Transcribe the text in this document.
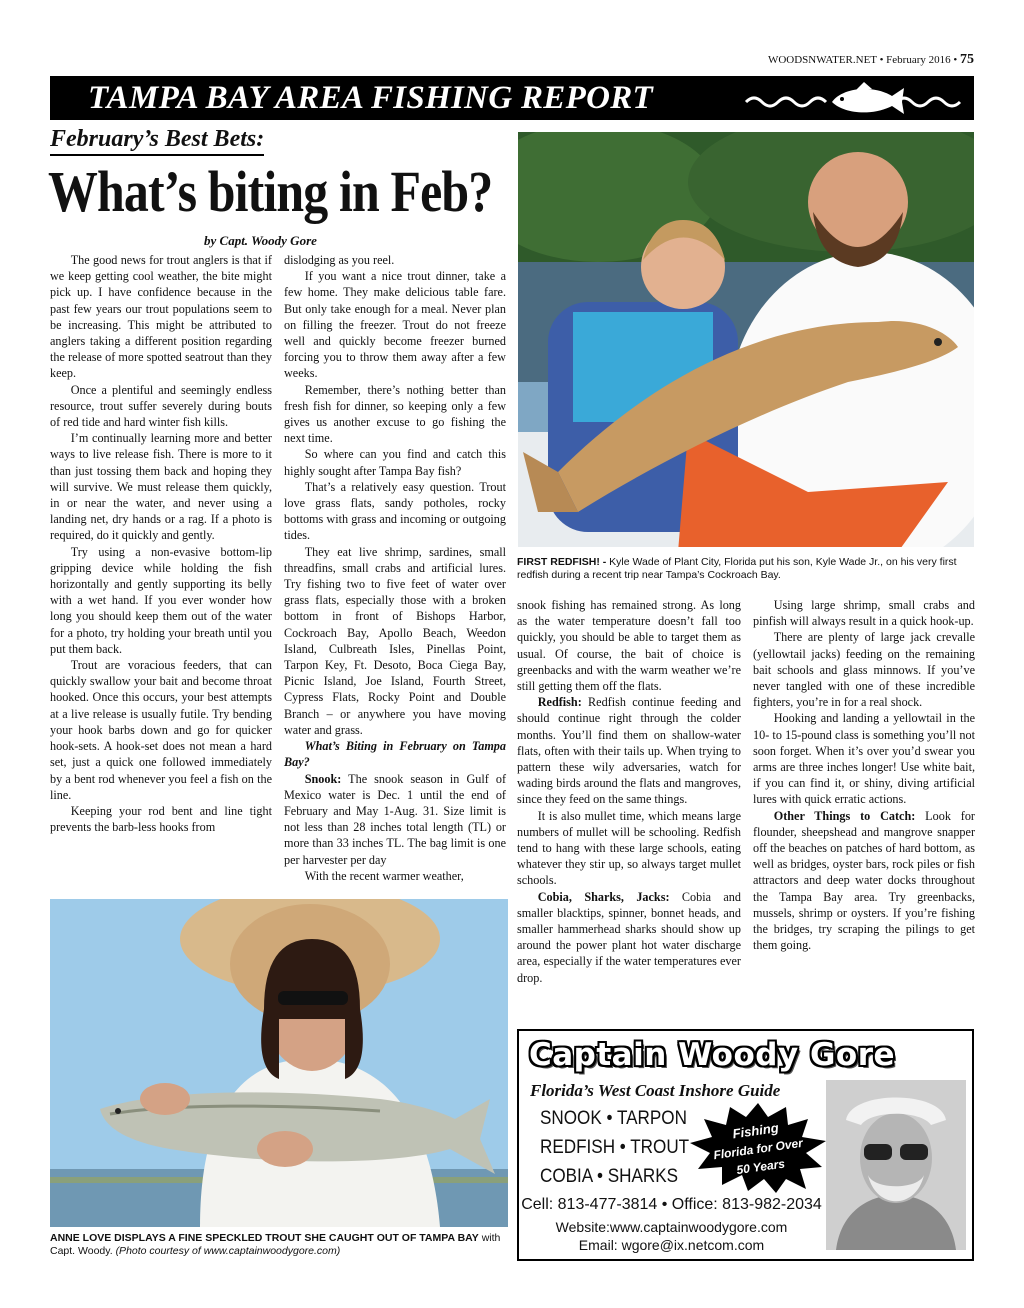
WOODSNWATER.NET • February 2016 • 75
TAMPA BAY AREA FISHING REPORT
February’s Best Bets:
What’s biting in Feb?
by Capt. Woody Gore

The good news for trout anglers is that if we keep getting cool weather, the bite might pick up. I have confidence because in the past few years our trout populations seem to be increasing. This might be attributed to anglers taking a different position regarding the release of more spotted seatrout than they keep.

Once a plentiful and seemingly endless resource, trout suffer severely during bouts of red tide and hard winter fish kills.

I’m continually learning more and better ways to live release fish. There is more to it than just tossing them back and hoping they will survive. We must release them quickly, in or near the water, and never using a landing net, dry hands or a rag. If a photo is required, do it quickly and gently.

Try using a non-evasive bottom-lip gripping device while holding the fish horizontally and gently supporting its belly with a wet hand. If you ever wonder how long you should keep them out of the water for a photo, try holding your breath until you put them back.

Trout are voracious feeders, that can quickly swallow your bait and become throat hooked. Once this occurs, your best attempts at a live release is usually futile. Try bending your hook barbs down and go for quicker hook-sets. A hook-set does not mean a hard set, just a quick one followed immediately by a bent rod whenever you feel a fish on the line.

Keeping your rod bent and line tight prevents the barb-less hooks from

dislodging as you reel.

If you want a nice trout dinner, take a few home. They make delicious table fare. But only take enough for a meal. Never plan on filling the freezer. Trout do not freeze well and quickly become freezer burned forcing you to throw them away after a few weeks.

Remember, there’s nothing better than fresh fish for dinner, so keeping only a few gives us another excuse to go fishing the next time.

So where can you find and catch this highly sought after Tampa Bay fish?

That’s a relatively easy question. Trout love grass flats, sandy potholes, rocky bottoms with grass and incoming or outgoing tides.

They eat live shrimp, sardines, small threadfins, small crabs and artificial lures. Try fishing two to five feet of water over grass flats, especially those with a broken bottom in front of Bishops Harbor, Cockroach Bay, Apollo Beach, Weedon Island, Culbreath Isles, Pinellas Point, Tarpon Key, Ft. Desoto, Boca Ciega Bay, Picnic Island, Joe Island, Fourth Street, Cypress Flats, Rocky Point and Double Branch – or anywhere you have moving water and grass.

What’s Biting in February on Tampa Bay?

Snook: The snook season in Gulf of Mexico water is Dec. 1 until the end of February and May 1-Aug. 31. Size limit is not less than 28 inches total length (TL) or more than 33 inches TL. The bag limit is one per harvester per day

With the recent warmer weather,

FIRST REDFISH! - Kyle Wade of Plant City, Florida put his son, Kyle Wade Jr., on his very first redfish during a recent trip near Tampa’s Cockroach Bay.

snook fishing has remained strong. As long as the water temperature doesn’t fall too quickly, you should be able to target them as usual. Of course, the bait of choice is greenbacks and with the warm weather we’re still getting them off the flats.

Redfish: Redfish continue feeding and should continue right through the colder months. You’ll find them on shallow-water flats, often with their tails up. When trying to pattern these wily adversaries, watch for wading birds around the flats and mangroves, since they feed on the same things.

It is also mullet time, which means large numbers of mullet will be schooling. Redfish tend to hang with these large schools, eating whatever they stir up, so always target mullet schools.

Cobia, Sharks, Jacks: Cobia and smaller blacktips, spinner, bonnet heads, and smaller hammerhead sharks should show up around the power plant hot water discharge area, especially if the water temperatures ever drop.

Using large shrimp, small crabs and pinfish will always result in a quick hook-up.

There are plenty of large jack crevalle (yellowtail jacks) feeding on the remaining bait schools and glass minnows. If you’ve never tangled with one of these incredible fighters, you’re in for a real shock.

Hooking and landing a yellowtail in the 10- to 15-pound class is something you’ll not soon forget. When it’s over you’d swear you arms are three inches longer! Use white bait, if you can find it, or shiny, diving artificial lures with quick erratic actions.

Other Things to Catch: Look for flounder, sheepshead and mangrove snapper off the beaches on patches of hard bottom, as well as bridges, oyster bars, rock piles or fish attractors and deep water docks throughout the Tampa Bay area. Try greenbacks, mussels, shrimp or oysters. If you’re fishing the bridges, try scraping the pilings to get them going.

ANNE LOVE DISPLAYS A FINE SPECKLED TROUT SHE CAUGHT OUT OF TAMPA BAY with Capt. Woody. (Photo courtesy of www.captainwoodygore.com)
Captain Woody Gore
Florida’s West Coast Inshore Guide
SNOOK • TARPON
REDFISH • TROUT
COBIA • SHARKS
Fishing
Florida for Over
50 Years
Cell: 813-477-3814 • Office: 813-982-2034
Website:www.captainwoodygore.com
Email: wgore@ix.netcom.com
